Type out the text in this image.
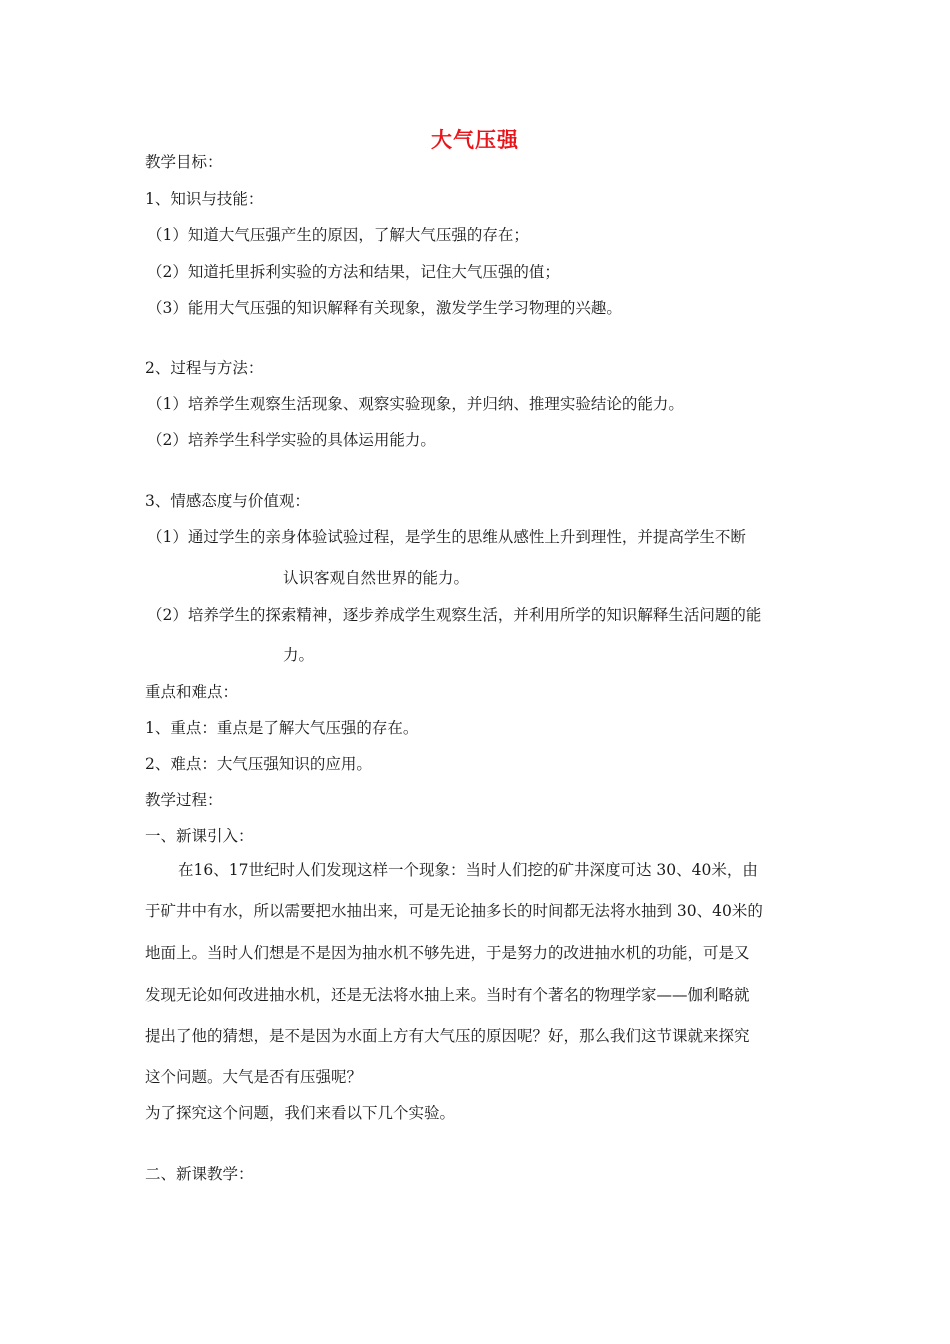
大气压强
教学目标：
1、知识与技能：
（1）知道大气压强产生的原因，了解大气压强的存在；
（2）知道托里拆利实验的方法和结果，记住大气压强的值；
（3）能用大气压强的知识解释有关现象，激发学生学习物理的兴趣。
2、过程与方法：
（1）培养学生观察生活现象、观察实验现象，并归纳、推理实验结论的能力。
（2）培养学生科学实验的具体运用能力。
3、情感态度与价值观：
（1）通过学生的亲身体验试验过程，是学生的思维从感性上升到理性，并提高学生不断
认识客观自然世界的能力。
（2）培养学生的探索精神，逐步养成学生观察生活，并利用所学的知识解释生活问题的能
力。
重点和难点：
1、重点：重点是了解大气压强的存在。
2、难点：大气压强知识的应用。
教学过程：
一、新课引入：
在16、17世纪时人们发现这样一个现象：当时人们挖的矿井深度可达 30、40米，由
于矿井中有水，所以需要把水抽出来，可是无论抽多长的时间都无法将水抽到 30、40米的
地面上。当时人们想是不是因为抽水机不够先进，于是努力的改进抽水机的功能，可是又
发现无论如何改进抽水机，还是无法将水抽上来。当时有个著名的物理学家——伽利略就
提出了他的猜想，是不是因为水面上方有大气压的原因呢？好，那么我们这节课就来探究
这个问题。大气是否有压强呢？
为了探究这个问题，我们来看以下几个实验。
二、新课教学：
